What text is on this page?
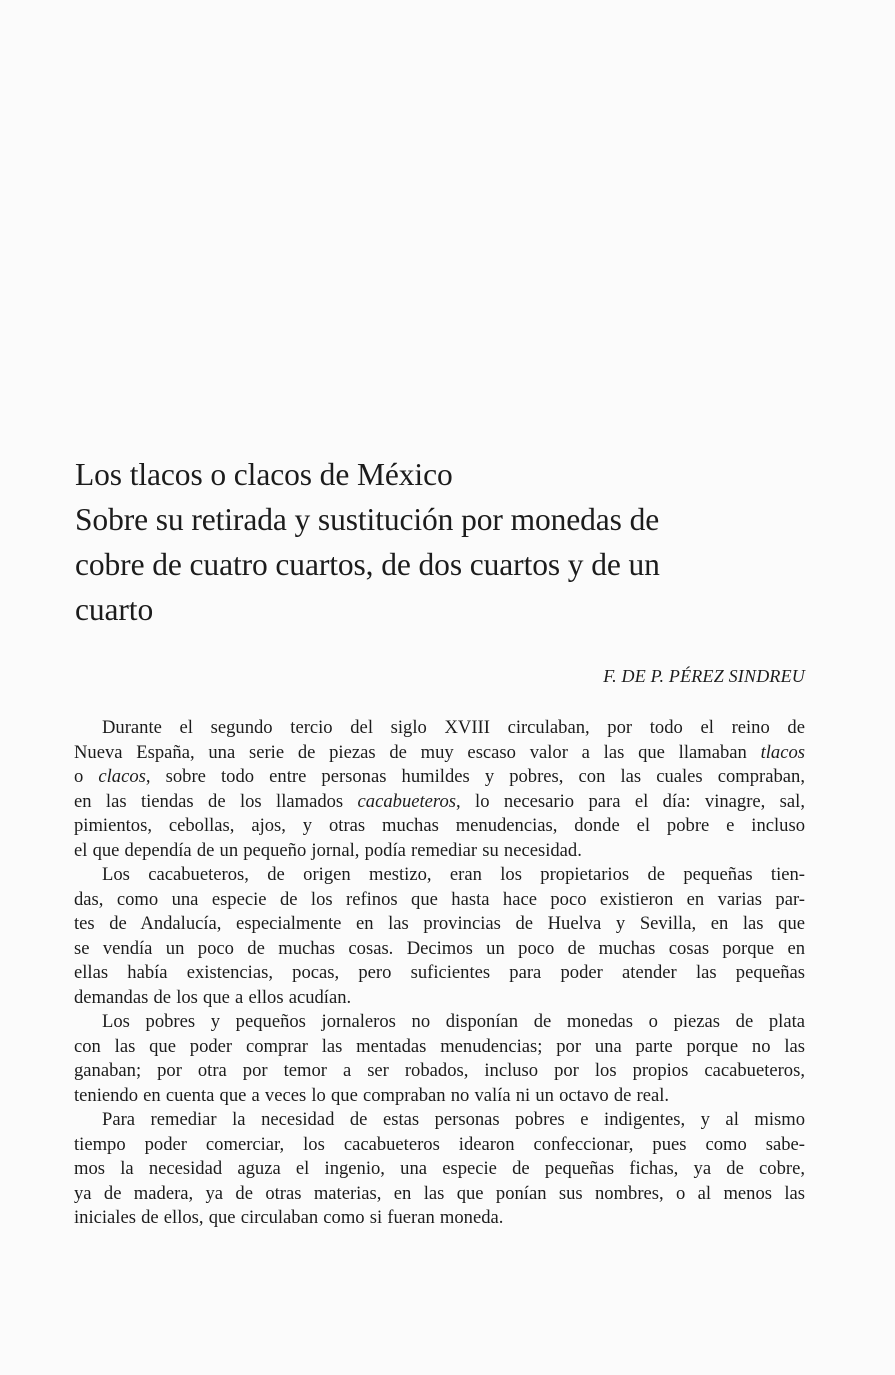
Los tlacos o clacos de México
Sobre su retirada y sustitución por monedas de
cobre de cuatro cuartos, de dos cuartos y de un
cuarto
F. DE P. PÉREZ SINDREU

Durante el segundo tercio del siglo XVIII circulaban, por todo el reino de
Nueva España, una serie de piezas de muy escaso valor a las que llamaban tlacos
o clacos, sobre todo entre personas humildes y pobres, con las cuales compraban,
en las tiendas de los llamados cacabueteros, lo necesario para el día: vinagre, sal,
pimientos, cebollas, ajos, y otras muchas menudencias, donde el pobre e incluso
el que dependía de un pequeño jornal, podía remediar su necesidad.

Los cacabueteros, de origen mestizo, eran los propietarios de pequeñas tien-
das, como una especie de los refinos que hasta hace poco existieron en varias par-
tes de Andalucía, especialmente en las provincias de Huelva y Sevilla, en las que
se vendía un poco de muchas cosas. Decimos un poco de muchas cosas porque en
ellas había existencias, pocas, pero suficientes para poder atender las pequeñas
demandas de los que a ellos acudían.

Los pobres y pequeños jornaleros no disponían de monedas o piezas de plata
con las que poder comprar las mentadas menudencias; por una parte porque no las
ganaban; por otra por temor a ser robados, incluso por los propios cacabueteros,
teniendo en cuenta que a veces lo que compraban no valía ni un octavo de real.

Para remediar la necesidad de estas personas pobres e indigentes, y al mismo
tiempo poder comerciar, los cacabueteros idearon confeccionar, pues como sabe-
mos la necesidad aguza el ingenio, una especie de pequeñas fichas, ya de cobre,
ya de madera, ya de otras materias, en las que ponían sus nombres, o al menos las
iniciales de ellos, que circulaban como si fueran moneda.
